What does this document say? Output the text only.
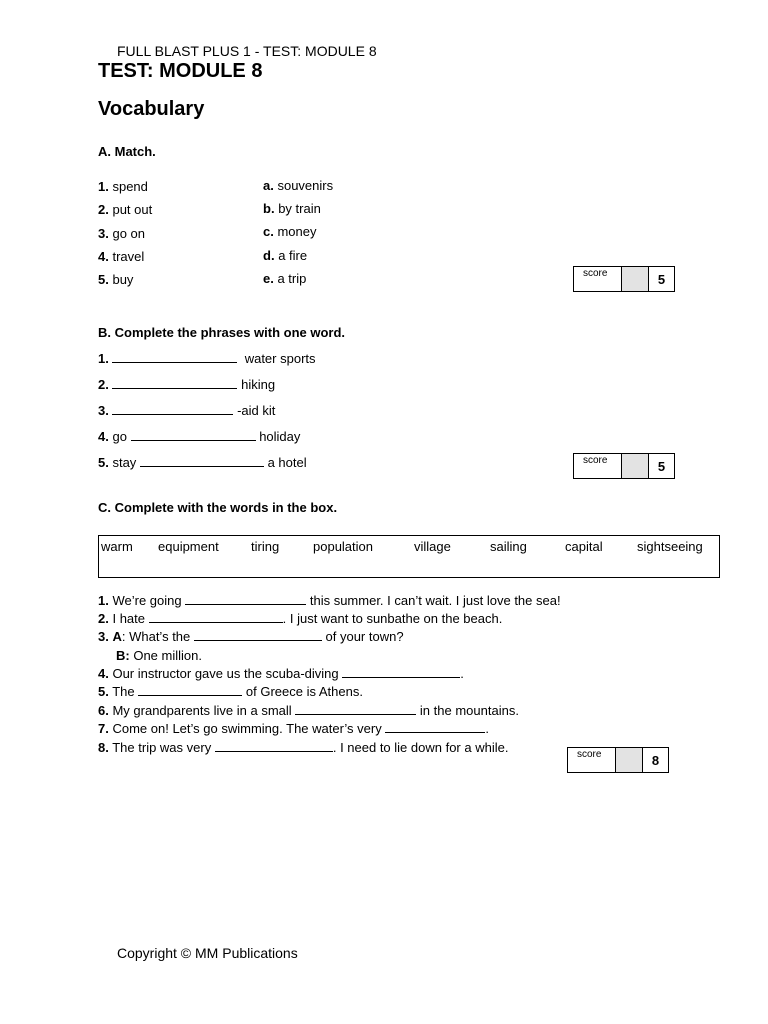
FULL BLAST PLUS 1 - TEST: MODULE 8
TEST: MODULE 8
Vocabulary
A. Match.
1. spend
2. put out
3. go on
4. travel
5. buy
a. souvenirs
b. by train
c. money
d. a fire
e. a trip	score	5
B. Complete the phrases with one word.
1.	water sports
2.	hiking
3.	-aid kit
4. go	holiday
5. stay	a hotel	score	5
C. Complete with the words in the box.
warm equipment tiring	population	village	sailing	capital	sightseeing
1. We’re going	this summer. I can’t wait. I just love the sea!
2. I hate	. I just want to sunbathe on the beach.
3. A: What’s the	of your town?
B: One million.
4. Our instructor gave us the scuba-diving	.
5. The	of Greece is Athens.
6. My grandparents live in a small	in the mountains.
7. Come on! Let’s go swimming. The water’s very	.
8. The trip was very	. I need to lie down for a while.	score	8
Copyright © MM Publications
